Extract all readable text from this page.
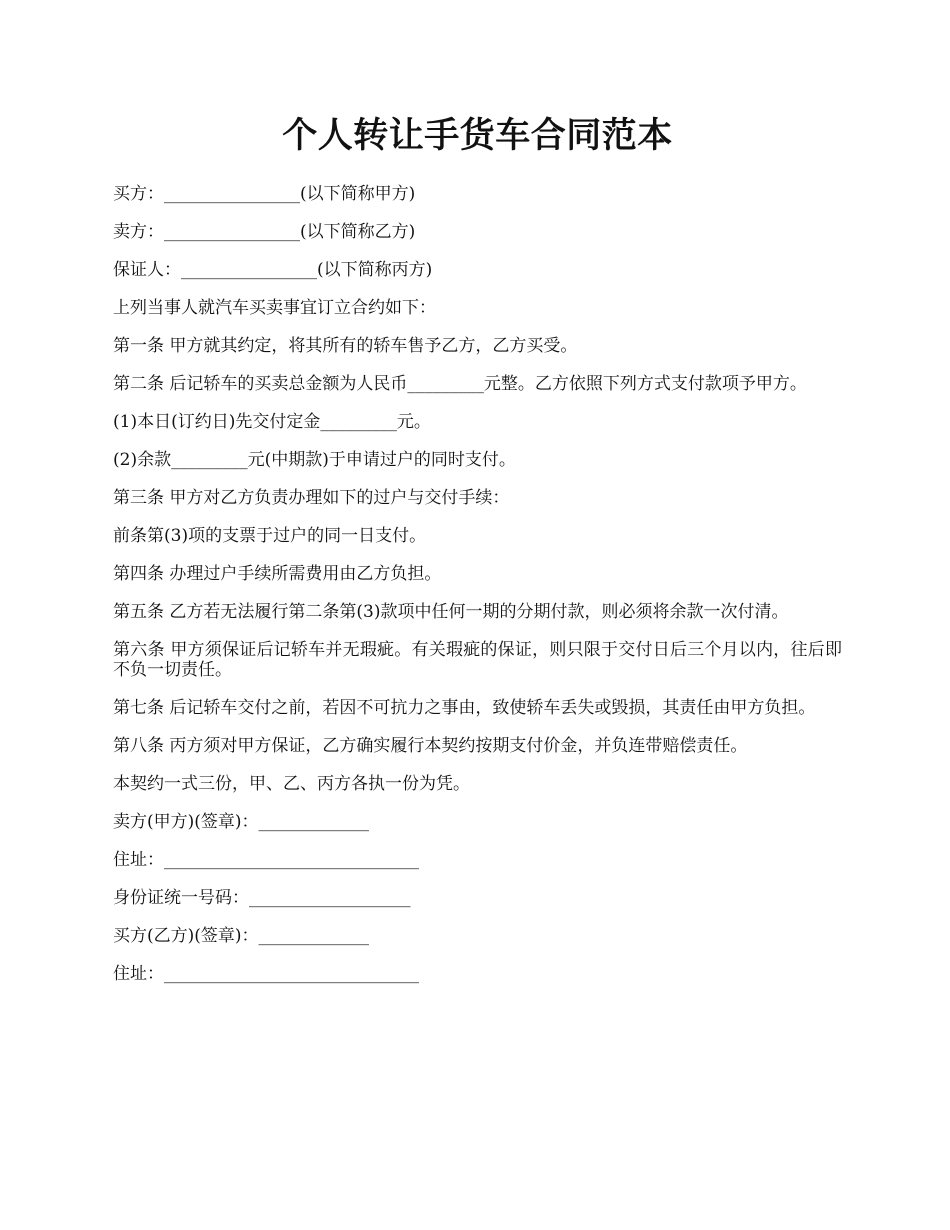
个人转让手货车合同范本

买方：________________(以下简称甲方)

卖方：________________(以下简称乙方)

保证人：________________(以下简称丙方)

上列当事人就汽车买卖事宜订立合约如下：

第一条 甲方就其约定，将其所有的轿车售予乙方，乙方买受。

第二条 后记轿车的买卖总金额为人民币_________元整。乙方依照下列方式支付款项予甲方。

(1)本日(订约日)先交付定金_________元。

(2)余款_________元(中期款)于申请过户的同时支付。

第三条 甲方对乙方负责办理如下的过户与交付手续：

前条第(3)项的支票于过户的同一日支付。

第四条 办理过户手续所需费用由乙方负担。

第五条 乙方若无法履行第二条第(3)款项中任何一期的分期付款，则必须将余款一次付清。

第六条 甲方须保证后记轿车并无瑕疵。有关瑕疵的保证，则只限于交付日后三个月以内，往后即不负一切责任。

第七条 后记轿车交付之前，若因不可抗力之事由，致使轿车丢失或毁损，其责任由甲方负担。

第八条 丙方须对甲方保证，乙方确实履行本契约按期支付价金，并负连带赔偿责任。

本契约一式三份，甲、乙、丙方各执一份为凭。

卖方(甲方)(签章)：_____________

住址：______________________________

身份证统一号码：___________________

买方(乙方)(签章)：_____________

住址：______________________________
